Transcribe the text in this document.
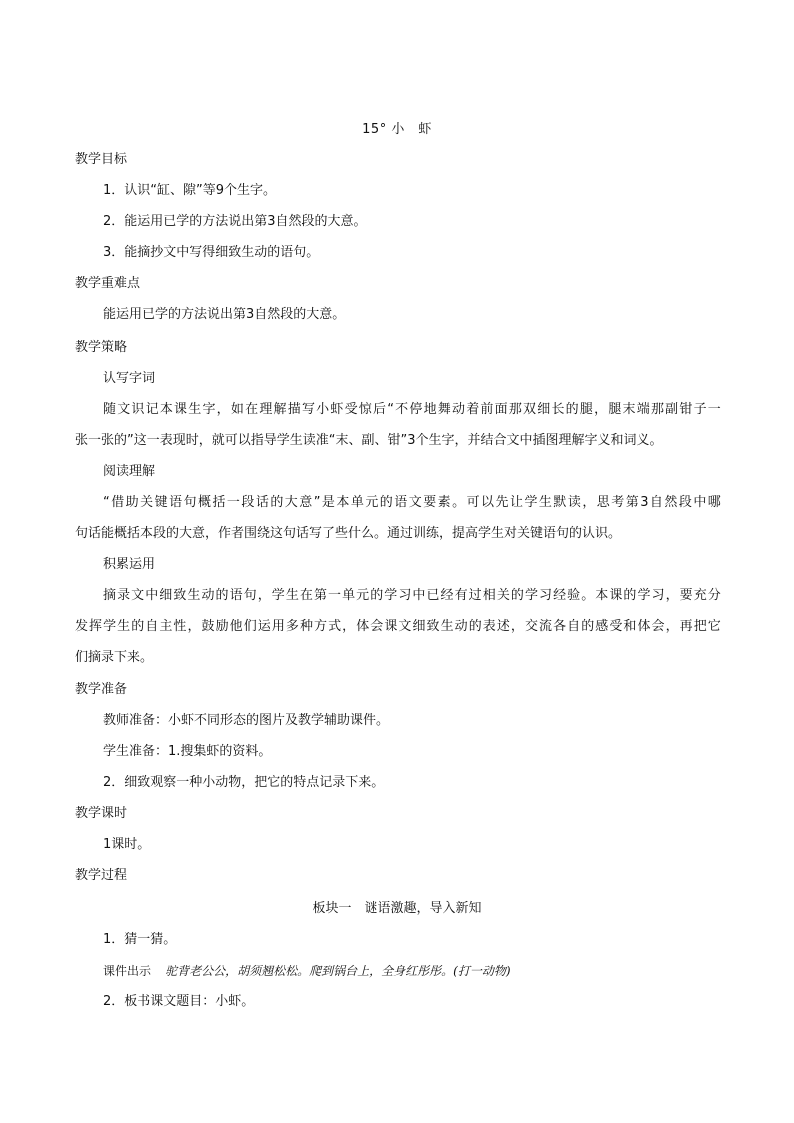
15° 小　虾
教学目标
1．认识“缸、隙”等9个生字。
2．能运用已学的方法说出第3自然段的大意。
3．能摘抄文中写得细致生动的语句。
教学重难点
能运用已学的方法说出第3自然段的大意。
教学策略
认写字词
随文识记本课生字，如在理解描写小虾受惊后“不停地舞动着前面那双细长的腿，腿末端那副钳子一
张一张的”这一表现时，就可以指导学生读准“末、副、钳”3个生字，并结合文中插图理解字义和词义。
阅读理解
“借助关键语句概括一段话的大意”是本单元的语文要素。可以先让学生默读，思考第3自然段中哪
句话能概括本段的大意，作者围绕这句话写了些什么。通过训练，提高学生对关键语句的认识。
积累运用
摘录文中细致生动的语句，学生在第一单元的学习中已经有过相关的学习经验。本课的学习，要充分
发挥学生的自主性，鼓励他们运用多种方式，体会课文细致生动的表述，交流各自的感受和体会，再把它
们摘录下来。
教学准备
教师准备：小虾不同形态的图片及教学辅助课件。
学生准备：1.搜集虾的资料。
2．细致观察一种小动物，把它的特点记录下来。
教学课时
1课时。
教学过程
板块一　谜语激趣，导入新知
1．猜一猜。
课件出示 驼背老公公，胡须翘松松。爬到锅台上，全身红彤彤。(打一动物)
2．板书课文题目：小虾。
